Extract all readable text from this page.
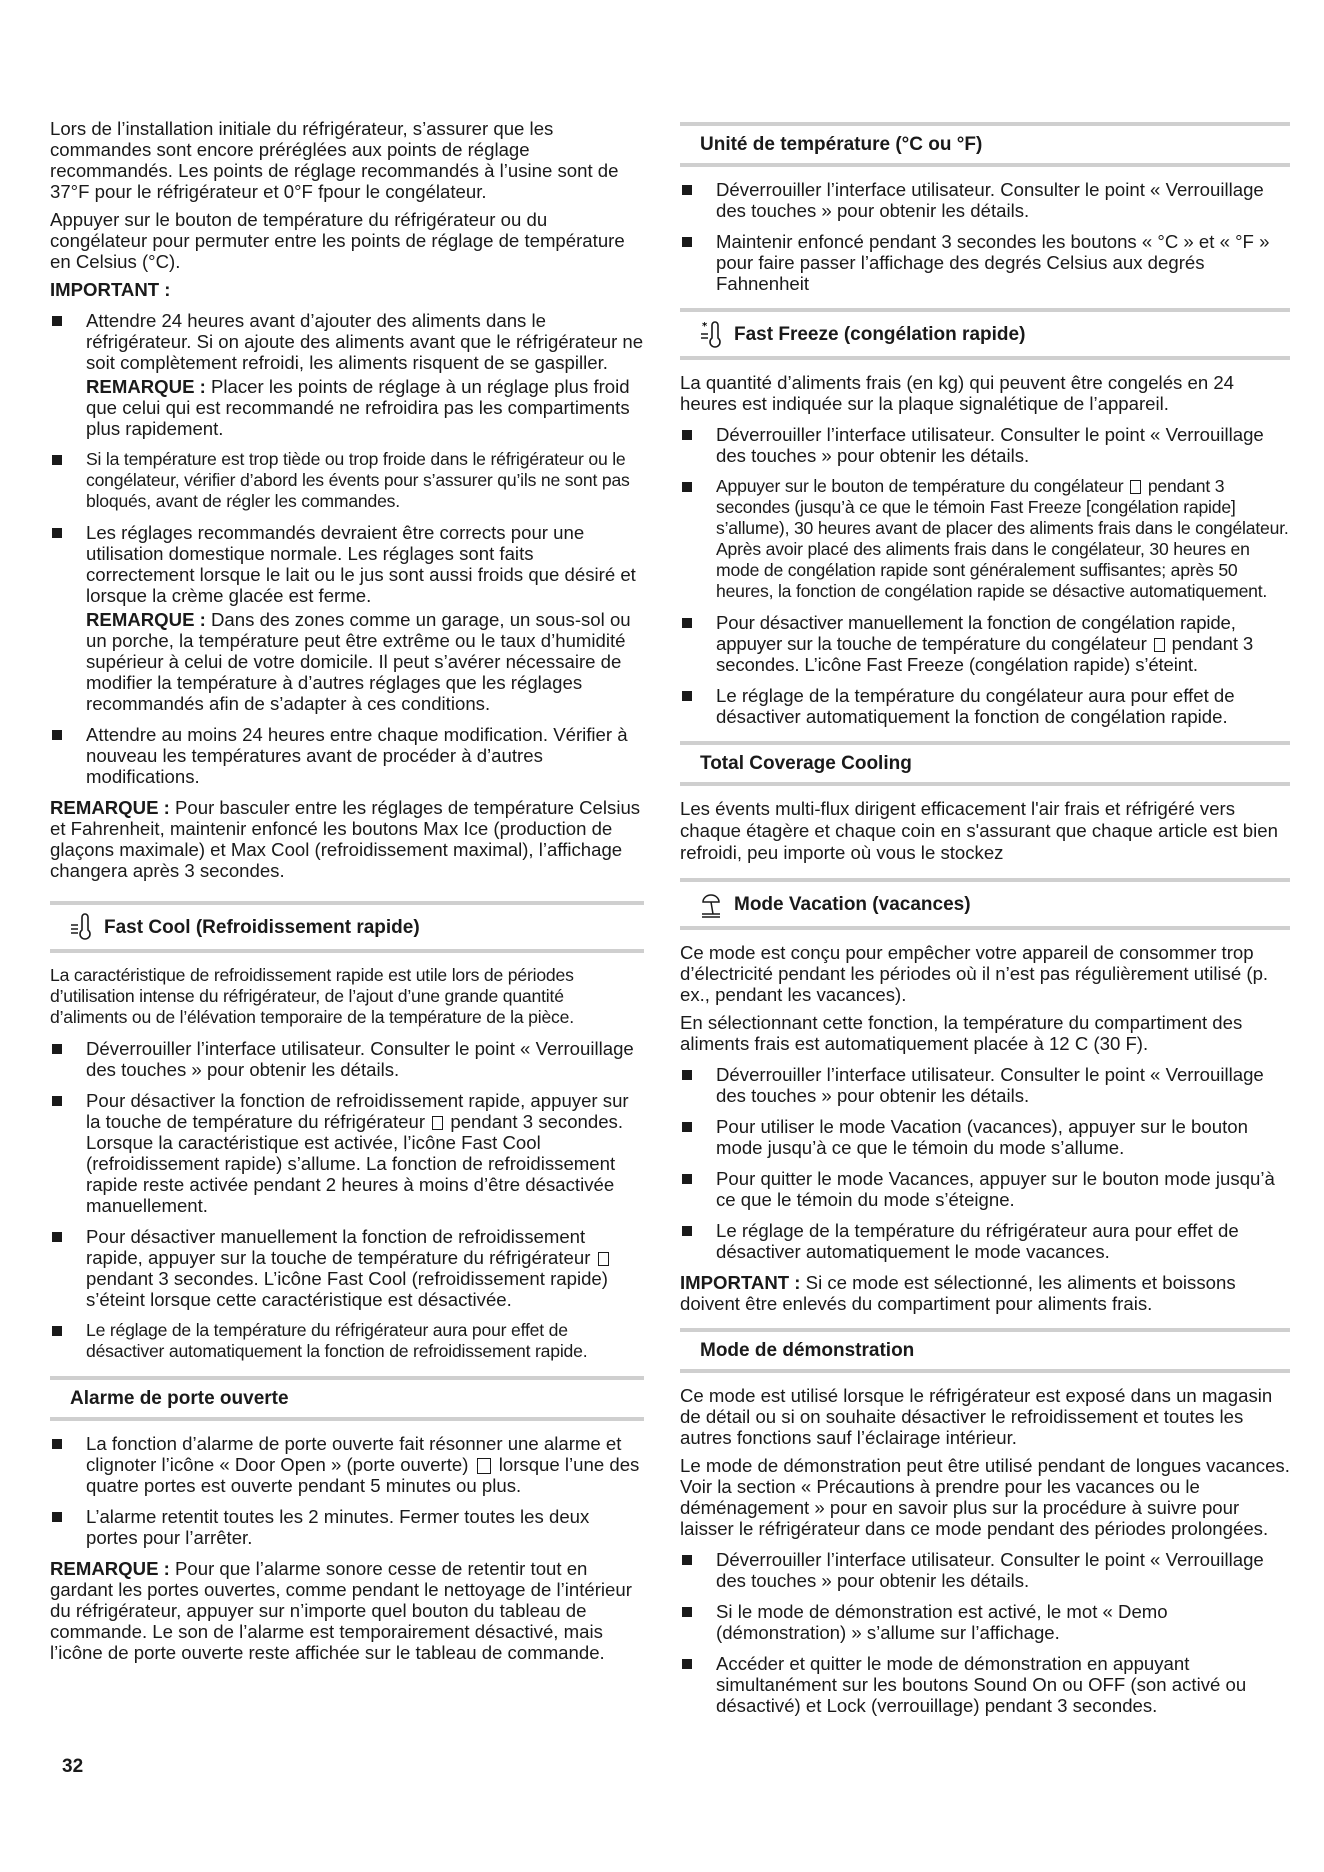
Lors de l’installation initiale du réfrigérateur, s’assurer que les commandes sont encore préréglées aux points de réglage recommandés. Les points de réglage recommandés à l’usine sont de 37°F pour le réfrigérateur et 0°F fpour le congélateur.

Appuyer sur le bouton de température du réfrigérateur ou du congélateur pour permuter entre les points de réglage de température en Celsius (°C).

IMPORTANT :

Attendre 24 heures avant d’ajouter des aliments dans le réfrigérateur. Si on ajoute des aliments avant que le réfrigérateur ne soit complètement refroidi, les aliments risquent de se gaspiller.
REMARQUE : Placer les points de réglage à un réglage plus froid que celui qui est recommandé ne refroidira pas les compartiments plus rapidement.
Si la température est trop tiède ou trop froide dans le réfrigérateur ou le congélateur, vérifier d’abord les évents pour s’assurer qu’ils ne sont pas bloqués, avant de régler les commandes.
Les réglages recommandés devraient être corrects pour une utilisation domestique normale. Les réglages sont faits correctement lorsque le lait ou le jus sont aussi froids que désiré et lorsque la crème glacée est ferme.
REMARQUE : Dans des zones comme un garage, un sous-sol ou un porche, la température peut être extrême ou le taux d’humidité supérieur à celui de votre domicile. Il peut s’avérer nécessaire de modifier la température à d’autres réglages que les réglages recommandés afin de s’adapter à ces conditions.
Attendre au moins 24 heures entre chaque modification. Vérifier à nouveau les températures avant de procéder à d’autres modifications.

REMARQUE : Pour basculer entre les réglages de température Celsius et Fahrenheit, maintenir enfoncé les boutons Max Ice (production de glaçons maximale) et Max Cool (refroidissement maximal), l’affichage changera après 3 secondes.

Fast Cool (Refroidissement rapide)

La caractéristique de refroidissement rapide est utile lors de périodes d’utilisation intense du réfrigérateur, de l’ajout d’une grande quantité d’aliments ou de l’élévation temporaire de la température de la pièce.

Déverrouiller l’interface utilisateur. Consulter le point « Verrouillage des touches » pour obtenir les détails.
Pour désactiver la fonction de refroidissement rapide, appuyer sur la touche de température du réfrigérateur  pendant 3 secondes. Lorsque la caractéristique est activée, l’icône Fast Cool (refroidissement rapide) s’allume. La fonction de refroidissement rapide reste activée pendant 2 heures à moins d’être désactivée manuellement.
Pour désactiver manuellement la fonction de refroidissement rapide, appuyer sur la touche de température du réfrigérateur  pendant 3 secondes. L’icône Fast Cool (refroidissement rapide) s’éteint lorsque cette caractéristique est désactivée.
Le réglage de la température du réfrigérateur aura pour effet de désactiver automatiquement la fonction de refroidissement rapide.
Alarme de porte ouverte
La fonction d’alarme de porte ouverte fait résonner une alarme et clignoter l’icône « Door Open » (porte ouverte)  lorsque l’une des quatre portes est ouverte pendant 5 minutes ou plus.
L’alarme retentit toutes les 2 minutes. Fermer toutes les deux portes pour l’arrêter.

REMARQUE : Pour que l’alarme sonore cesse de retentir tout en gardant les portes ouvertes, comme pendant le nettoyage de l’intérieur du réfrigérateur, appuyer sur n’importe quel bouton du tableau de commande. Le son de l’alarme est temporairement désactivé, mais l’icône de porte ouverte reste affichée sur le tableau de commande.

Unité de température (°C ou °F)
Déverrouiller l’interface utilisateur. Consulter le point « Verrouillage des touches » pour obtenir les détails.
Maintenir enfoncé pendant 3 secondes les boutons « °C » et « °F » pour faire passer l’affichage des degrés Celsius aux degrés Fahnenheit
* Fast Freeze (congélation rapide)

La quantité d’aliments frais (en kg) qui peuvent être congelés en 24 heures est indiquée sur la plaque signalétique de l’appareil.

Déverrouiller l’interface utilisateur. Consulter le point « Verrouillage des touches » pour obtenir les détails.
Appuyer sur le bouton de température du congélateur  pendant 3 secondes (jusqu’à ce que le témoin Fast Freeze [congélation rapide] s’allume), 30 heures avant de placer des aliments frais dans le congélateur. Après avoir placé des aliments frais dans le congélateur, 30 heures en mode de congélation rapide sont généralement suffisantes; après 50 heures, la fonction de congélation rapide se désactive automatiquement.
Pour désactiver manuellement la fonction de congélation rapide, appuyer sur la touche de température du congélateur  pendant 3 secondes. L’icône Fast Freeze (congélation rapide) s’éteint.
Le réglage de la température du congélateur aura pour effet de désactiver automatiquement la fonction de congélation rapide.
Total Coverage Cooling

Les évents multi-flux dirigent efficacement l'air frais et réfrigéré vers chaque étagère et chaque coin en s'assurant que chaque article est bien refroidi, peu importe où vous le stockez

Mode Vacation (vacances)

Ce mode est conçu pour empêcher votre appareil de consommer trop d’électricité pendant les périodes où il n’est pas régulièrement utilisé (p. ex., pendant les vacances).

En sélectionnant cette fonction, la température du compartiment des aliments frais est automatiquement placée à 12 C (30 F).

Déverrouiller l’interface utilisateur. Consulter le point « Verrouillage des touches » pour obtenir les détails.
Pour utiliser le mode Vacation (vacances), appuyer sur le bouton mode jusqu’à ce que le témoin du mode s’allume.
Pour quitter le mode Vacances, appuyer sur le bouton mode jusqu’à ce que le témoin du mode s’éteigne.
Le réglage de la température du réfrigérateur aura pour effet de désactiver automatiquement le mode vacances.

IMPORTANT : Si ce mode est sélectionné, les aliments et boissons doivent être enlevés du compartiment pour aliments frais.

Mode de démonstration

Ce mode est utilisé lorsque le réfrigérateur est exposé dans un magasin de détail ou si on souhaite désactiver le refroidissement et toutes les autres fonctions sauf l’éclairage intérieur.

Le mode de démonstration peut être utilisé pendant de longues vacances. Voir la section « Précautions à prendre pour les vacances ou le déménagement » pour en savoir plus sur la procédure à suivre pour laisser le réfrigérateur dans ce mode pendant des périodes prolongées.

Déverrouiller l’interface utilisateur. Consulter le point « Verrouillage des touches » pour obtenir les détails.
Si le mode de démonstration est activé, le mot « Demo (démonstration) » s’allume sur l’affichage.
Accéder et quitter le mode de démonstration en appuyant simultanément sur les boutons Sound On ou OFF (son activé ou désactivé) et Lock (verrouillage) pendant 3 secondes.
32
